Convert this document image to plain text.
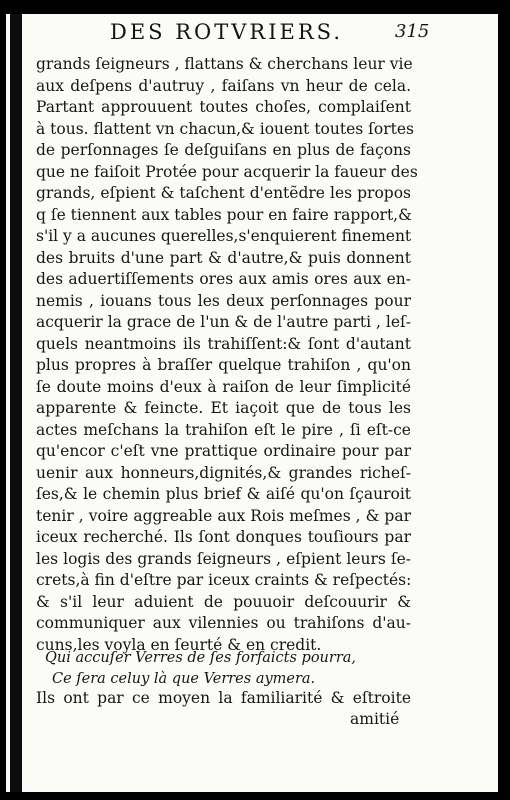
DES ROTVRIERS.	315
grands ſeigneurs , flattans & cherchans leur vie
aux deſpens d'autruy , faiſans vn heur de cela.
Partant approuuent toutes choſes, complaiſent
à tous. flattent vn chacun,& iouent toutes ſortes
de perſonnages ſe deſguiſans en plus de façons
que ne faiſoit Protée pour acquerir la faueur des
grands, eſpient & taſchent d'entẽdre les propos
q ſe tiennent aux tables pour en faire rapport,&
s'il y a aucunes querelles,s'enquierent finement
des bruits d'une part & d'autre,& puis donnent
des aduertiſſements ores aux amis ores aux en-
nemis , iouans tous les deux perſonnages pour
acquerir la grace de l'un & de l'autre parti , leſ-
quels neantmoins ils trahiſſent:& ſont d'autant
plus propres à braſſer quelque trahiſon , qu'on
ſe doute moins d'eux à raiſon de leur ſimplicité
apparente & feincte. Et iaçoit que de tous les
actes meſchans la trahiſon eſt le pire , ſi eſt-ce
qu'encor c'eſt vne prattique ordinaire pour par
uenir aux honneurs,dignités,& grandes richeſ-
ſes,& le chemin plus brief & aiſé qu'on ſçauroit
tenir , voire aggreable aux Rois meſmes , & par
iceux recherché. Ils ſont donques touſiours par
les logis des grands ſeigneurs , eſpient leurs ſe-
crets,à fin d'eſtre par iceux craints & reſpectés:
& s'il leur aduient de pouuoir deſcouurir &
communiquer aux vilennies ou trahiſons d'au-
cuns,les voyla en ſeurté & en credit.
Qui accuſer Verres de ſes forfaicts pourra,
Ce ſera celuy là que Verres aymera.

Ils ont par ce moyen la familiarité & eſtroite

amitié
